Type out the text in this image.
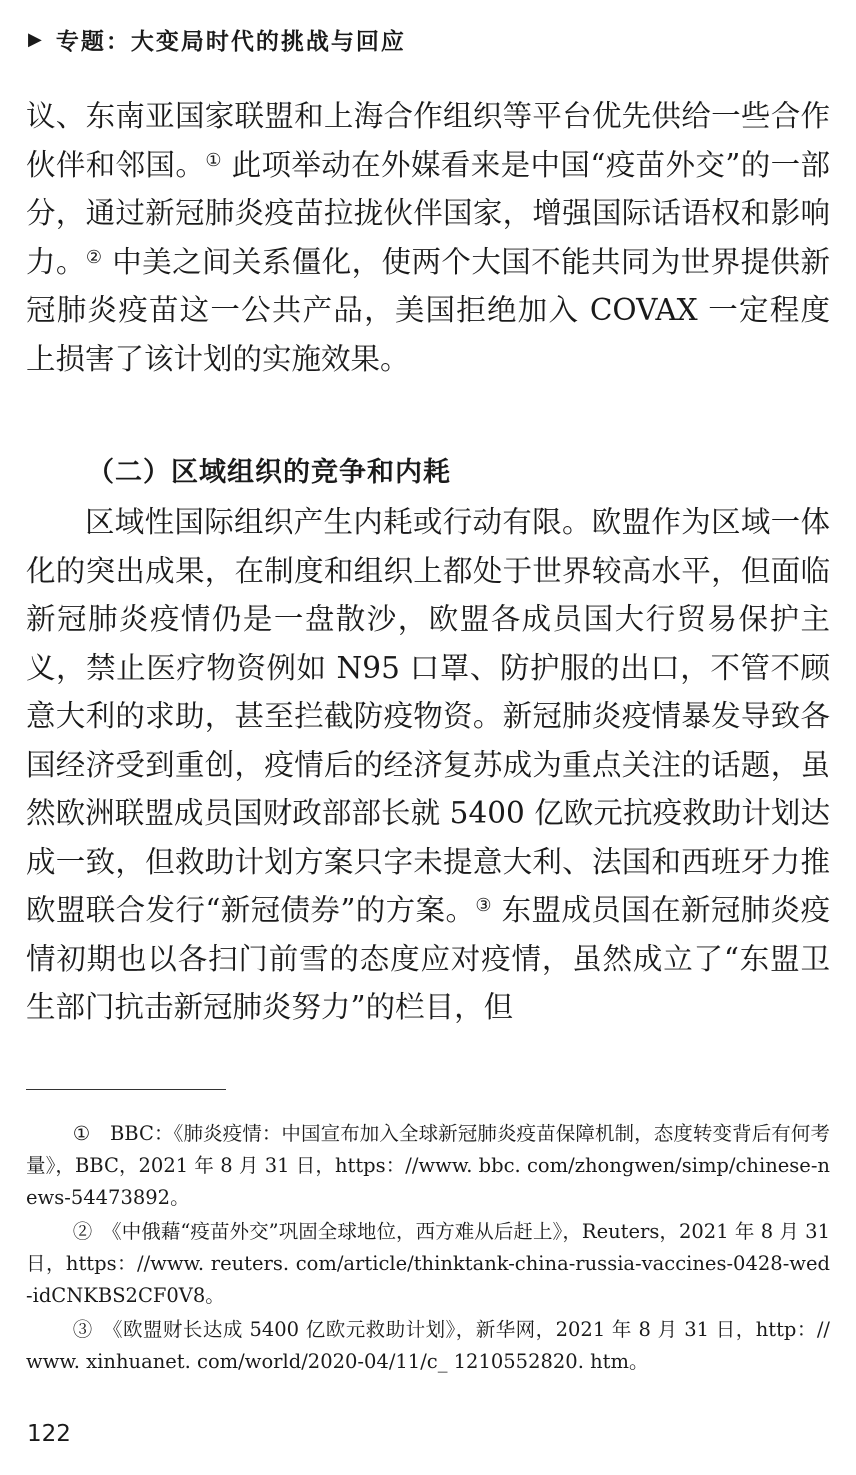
▶ 专题：大变局时代的挑战与回应

议、东南亚国家联盟和上海合作组织等平台优先供给一些合作伙伴和邻国。① 此项举动在外媒看来是中国“疫苗外交”的一部分，通过新冠肺炎疫苗拉拢伙伴国家，增强国际话语权和影响力。② 中美之间关系僵化，使两个大国不能共同为世界提供新冠肺炎疫苗这一公共产品，美国拒绝加入 COVAX 一定程度上损害了该计划的实施效果。

（二）区域组织的竞争和内耗

区域性国际组织产生内耗或行动有限。欧盟作为区域一体化的突出成果，在制度和组织上都处于世界较高水平，但面临新冠肺炎疫情仍是一盘散沙，欧盟各成员国大行贸易保护主义，禁止医疗物资例如 N95 口罩、防护服的出口，不管不顾意大利的求助，甚至拦截防疫物资。新冠肺炎疫情暴发导致各国经济受到重创，疫情后的经济复苏成为重点关注的话题，虽然欧洲联盟成员国财政部部长就 5400 亿欧元抗疫救助计划达成一致，但救助计划方案只字未提意大利、法国和西班牙力推欧盟联合发行“新冠债券”的方案。③ 东盟成员国在新冠肺炎疫情初期也以各扫门前雪的态度应对疫情，虽然成立了“东盟卫生部门抗击新冠肺炎努力”的栏目，但

①　BBC：《肺炎疫情：中国宣布加入全球新冠肺炎疫苗保障机制，态度转变背后有何考量》，BBC，2021 年 8 月 31 日，https：//www. bbc. com/zhongwen/simp/chinese-news-54473892。

②　《中俄藉“疫苗外交”巩固全球地位，西方难从后赶上》，Reuters，2021 年 8 月 31 日，https：//www. reuters. com/article/thinktank-china-russia-vaccines-0428-wed-idCNKBS2CF0V8。

③　《欧盟财长达成 5400 亿欧元救助计划》，新华网，2021 年 8 月 31 日，http：//www. xinhuanet. com/world/2020-04/11/c_ 1210552820. htm。

122
